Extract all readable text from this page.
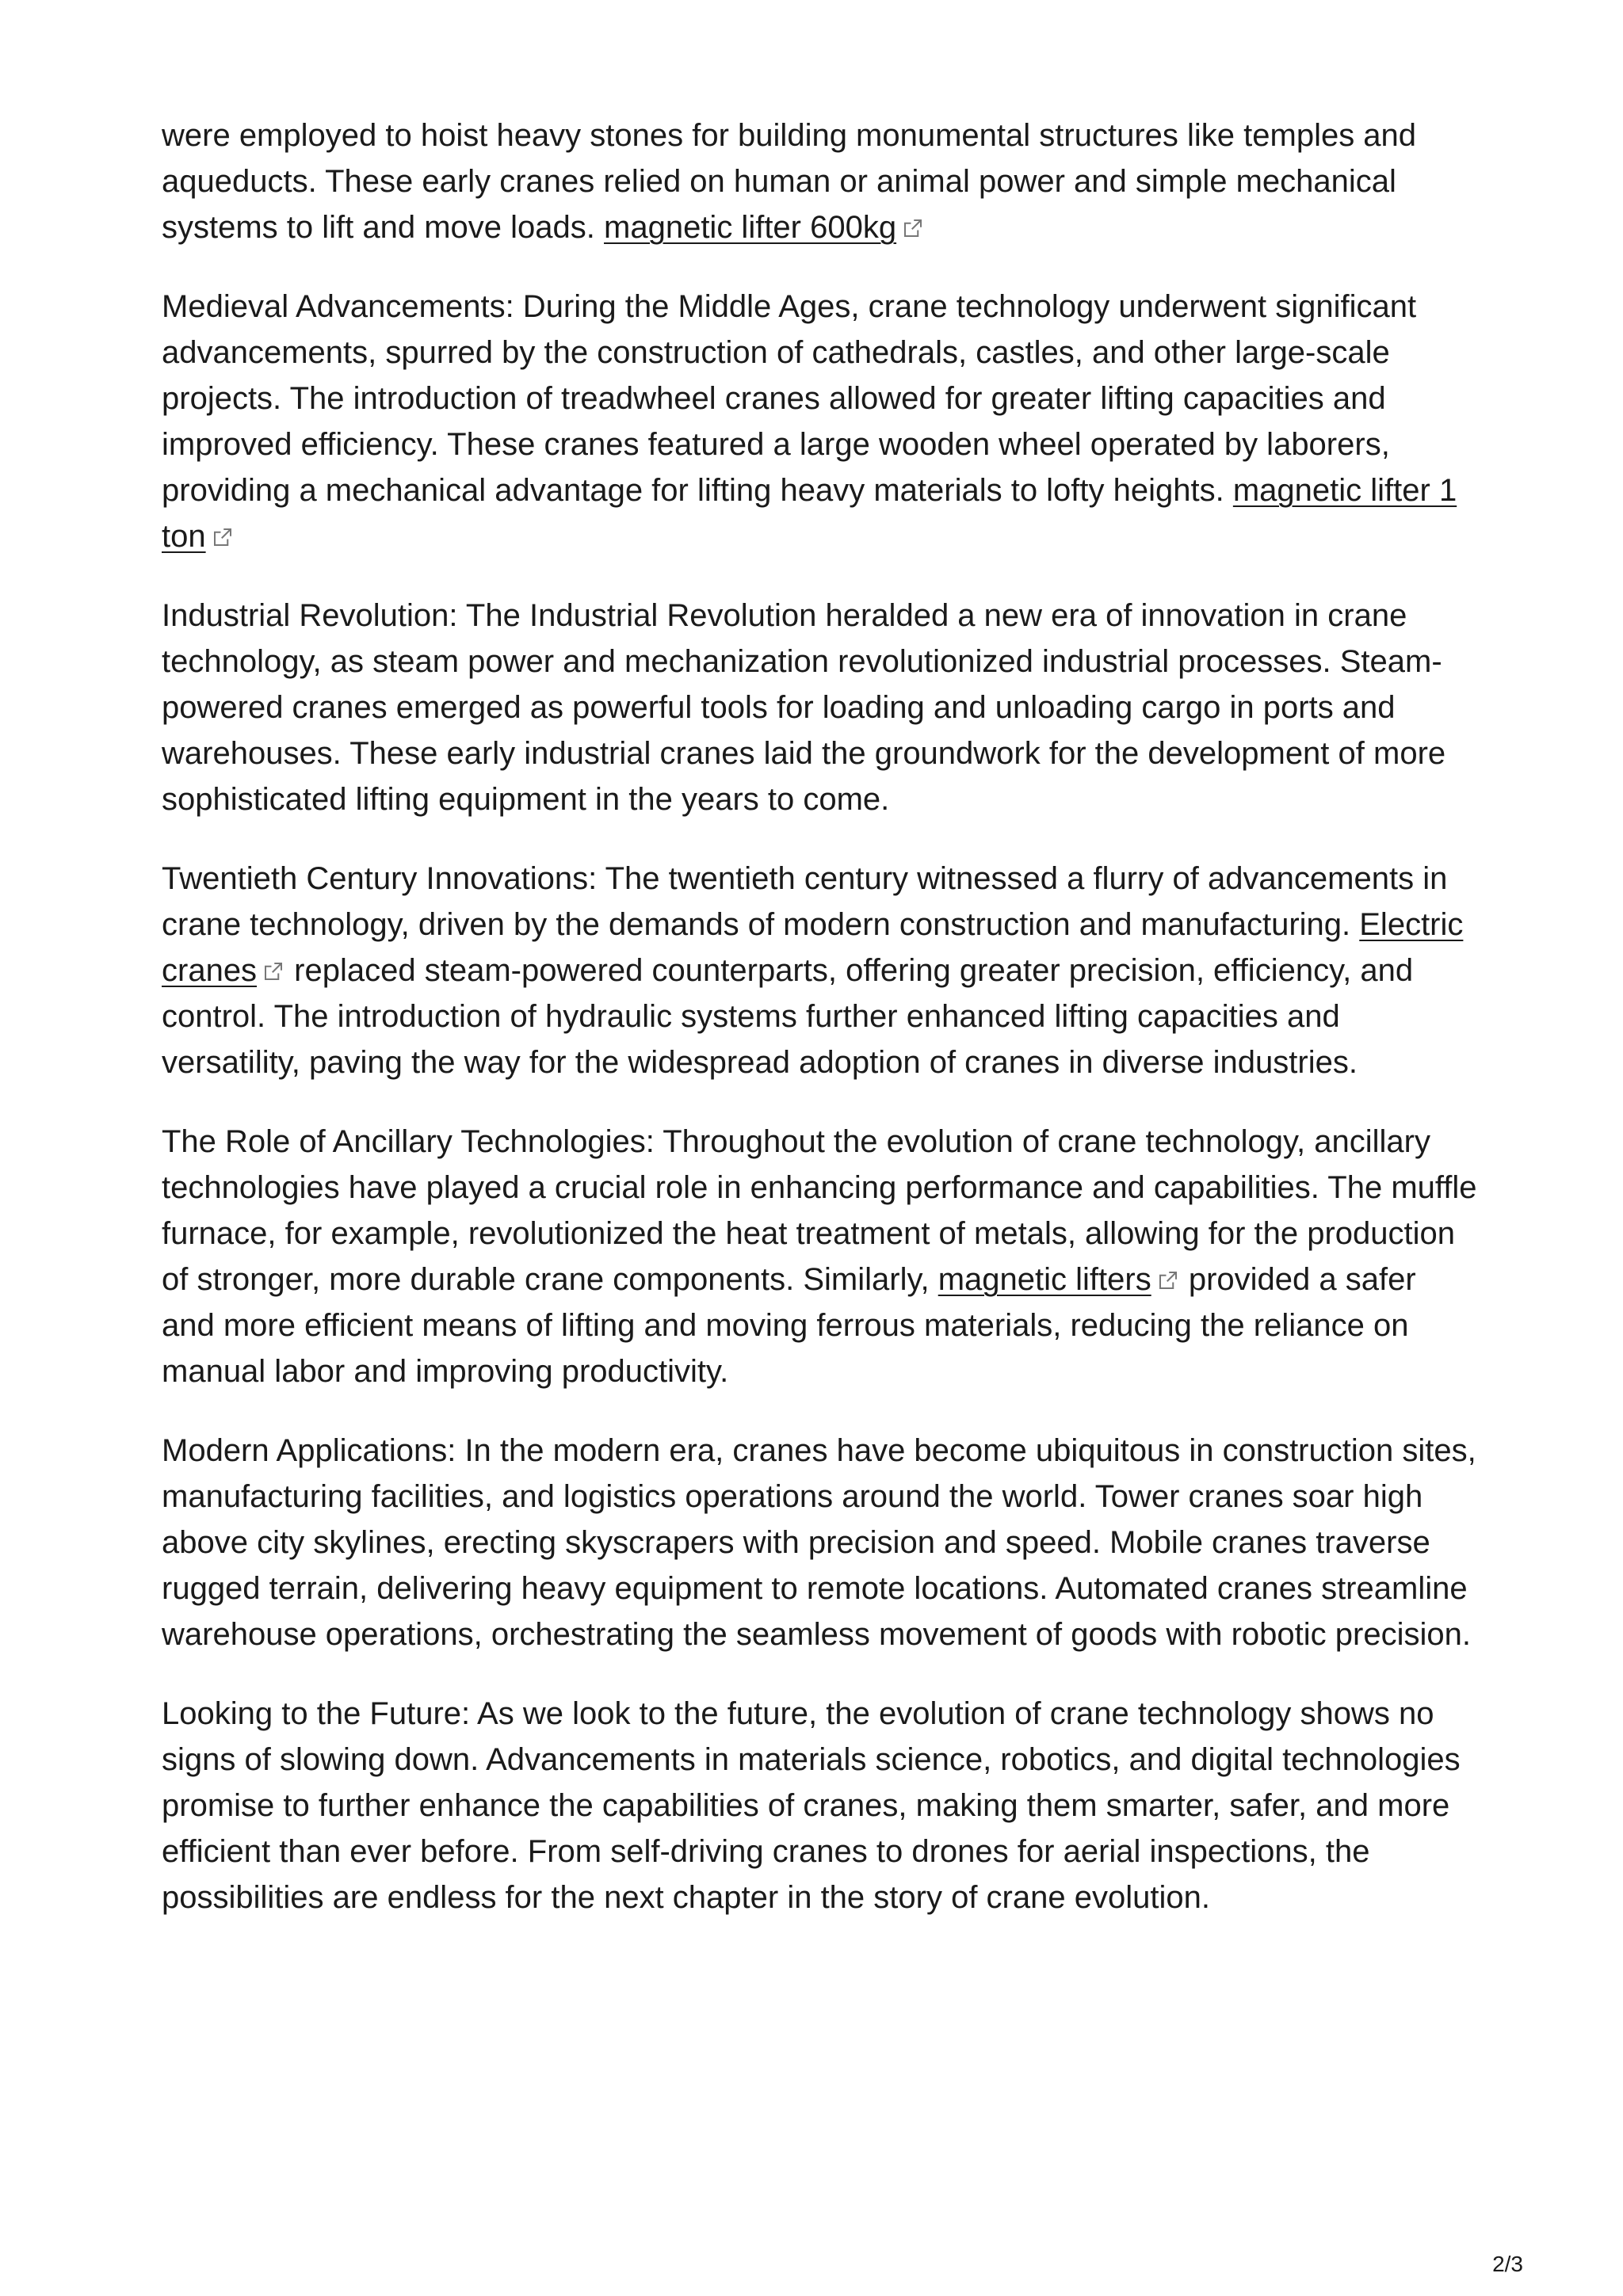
were employed to hoist heavy stones for building monumental structures like temples and aqueducts. These early cranes relied on human or animal power and simple mechanical systems to lift and move loads. magnetic lifter 600kg

Medieval Advancements: During the Middle Ages, crane technology underwent significant advancements, spurred by the construction of cathedrals, castles, and other large-scale projects. The introduction of treadwheel cranes allowed for greater lifting capacities and improved efficiency. These cranes featured a large wooden wheel operated by laborers, providing a mechanical advantage for lifting heavy materials to lofty heights. magnetic lifter 1 ton

Industrial Revolution: The Industrial Revolution heralded a new era of innovation in crane technology, as steam power and mechanization revolutionized industrial processes. Steam-powered cranes emerged as powerful tools for loading and unloading cargo in ports and warehouses. These early industrial cranes laid the groundwork for the development of more sophisticated lifting equipment in the years to come.

Twentieth Century Innovations: The twentieth century witnessed a flurry of advancements in crane technology, driven by the demands of modern construction and manufacturing. Electric cranes
replaced steam-powered counterparts, offering greater precision, efficiency, and control. The introduction of hydraulic systems further enhanced lifting capacities and versatility, paving the way for the widespread adoption of cranes in diverse industries.

The Role of Ancillary Technologies: Throughout the evolution of crane technology, ancillary technologies have played a crucial role in enhancing performance and capabilities. The muffle furnace, for example, revolutionized the heat treatment of metals, allowing for the production of stronger, more durable crane components. Similarly, magnetic lifters
provided a safer and more efficient means of lifting and moving ferrous materials, reducing the reliance on manual labor and improving productivity.

Modern Applications: In the modern era, cranes have become ubiquitous in construction sites, manufacturing facilities, and logistics operations around the world. Tower cranes soar high above city skylines, erecting skyscrapers with precision and speed. Mobile cranes traverse rugged terrain, delivering heavy equipment to remote locations. Automated cranes streamline warehouse operations, orchestrating the seamless movement of goods with robotic precision.

Looking to the Future: As we look to the future, the evolution of crane technology shows no signs of slowing down. Advancements in materials science, robotics, and digital technologies promise to further enhance the capabilities of cranes, making them smarter, safer, and more efficient than ever before. From self-driving cranes to drones for aerial inspections, the possibilities are endless for the next chapter in the story of crane evolution.

2/3
